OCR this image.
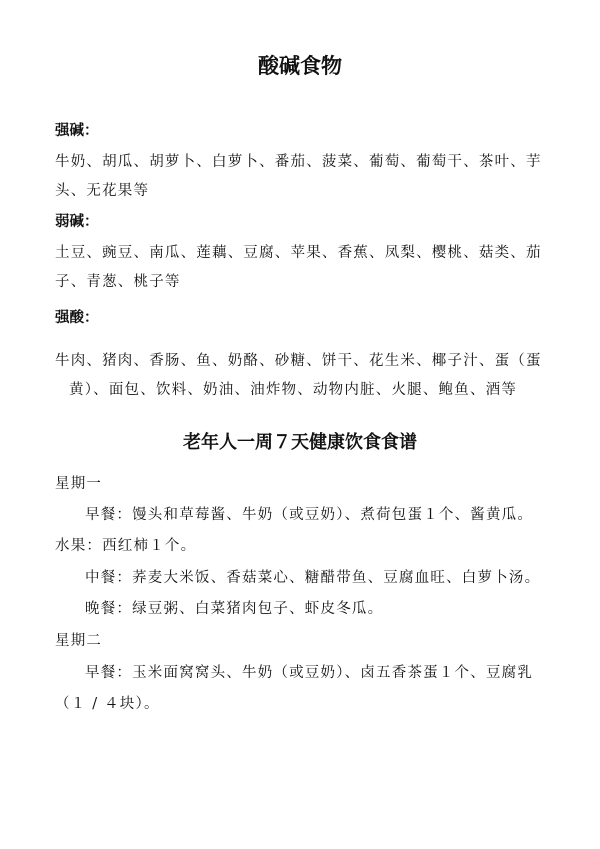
酸碱食物
强碱：
牛奶、胡瓜、胡萝卜、白萝卜、番茄、菠菜、葡萄、葡萄干、茶叶、芋
头、无花果等
弱碱：
土豆、豌豆、南瓜、莲藕、豆腐、苹果、香蕉、凤梨、樱桃、菇类、茄
子、青葱、桃子等
强酸：
牛肉、猪肉、香肠、鱼、奶酪、砂糖、饼干、花生米、椰子汁、蛋（蛋
黄）、面包、饮料、奶油、油炸物、动物内脏、火腿、鲍鱼、酒等
老年人一周７天健康饮食食谱
星期一
早餐：馒头和草莓酱、牛奶（或豆奶）、煮荷包蛋１个、酱黄瓜。
水果：西红柿１个。
中餐：荞麦大米饭、香菇菜心、糖醋带鱼、豆腐血旺、白萝卜汤。
晚餐：绿豆粥、白菜猪肉包子、虾皮冬瓜。
星期二
早餐：玉米面窝窝头、牛奶（或豆奶）、卤五香茶蛋１个、豆腐乳
（１ / ４块）。
